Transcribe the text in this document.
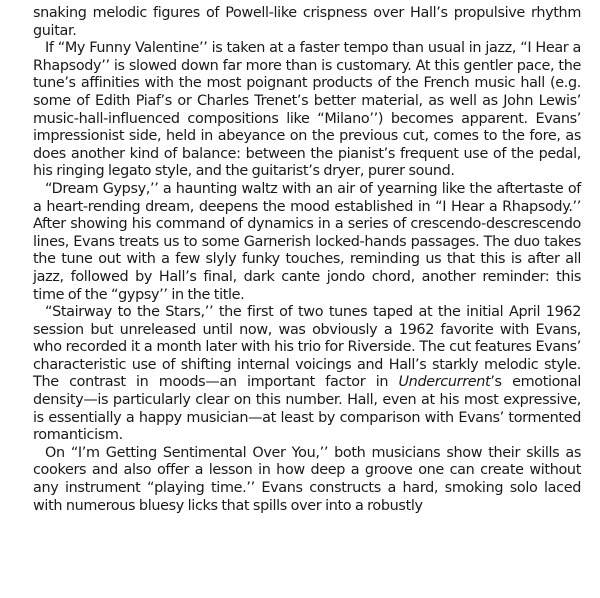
snaking melodic figures of Powell-like crispness over Hall’s propulsive rhythm guitar.

If “My Funny Valentine’’ is taken at a faster tempo than usual in jazz, “I Hear a Rhapsody’’ is slowed down far more than is customary. At this gentler pace, the tune’s affinities with the most poignant products of the French music hall (e.g. some of Edith Piaf’s or Charles Trenet’s better material, as well as John Lewis’ music-hall-influenced compositions like “Milano’’) becomes apparent. Evans’ impressionist side, held in abeyance on the previous cut, comes to the fore, as does another kind of balance: between the pianist’s frequent use of the pedal, his ringing legato style, and the guitarist’s dryer, purer sound.

“Dream Gypsy,’’ a haunting waltz with an air of yearning like the aftertaste of a heart-rending dream, deepens the mood established in “I Hear a Rhapsody.’’ After showing his command of dynamics in a series of crescendo-descrescendo lines, Evans treats us to some Garnerish locked-hands passages. The duo takes the tune out with a few slyly funky touches, reminding us that this is after all jazz, followed by Hall’s final, dark cante jondo chord, another reminder: this time of the “gypsy’’ in the title.

“Stairway to the Stars,’’ the first of two tunes taped at the initial April 1962 session but unreleased until now, was obviously a 1962 favorite with Evans, who recorded it a month later with his trio for Riverside. The cut features Evans’ characteristic use of shifting internal voicings and Hall’s starkly melodic style. The contrast in moods—an important factor in Undercurrent’s emotional density—is particularly clear on this number. Hall, even at his most expressive, is essentially a happy musician—at least by comparison with Evans’ tormented romanticism.

On “I’m Getting Sentimental Over You,’’ both musicians show their skills as cookers and also offer a lesson in how deep a groove one can create without any instrument “playing time.’’ Evans constructs a hard, smoking solo laced with numerous bluesy licks that spills over into a robustly
